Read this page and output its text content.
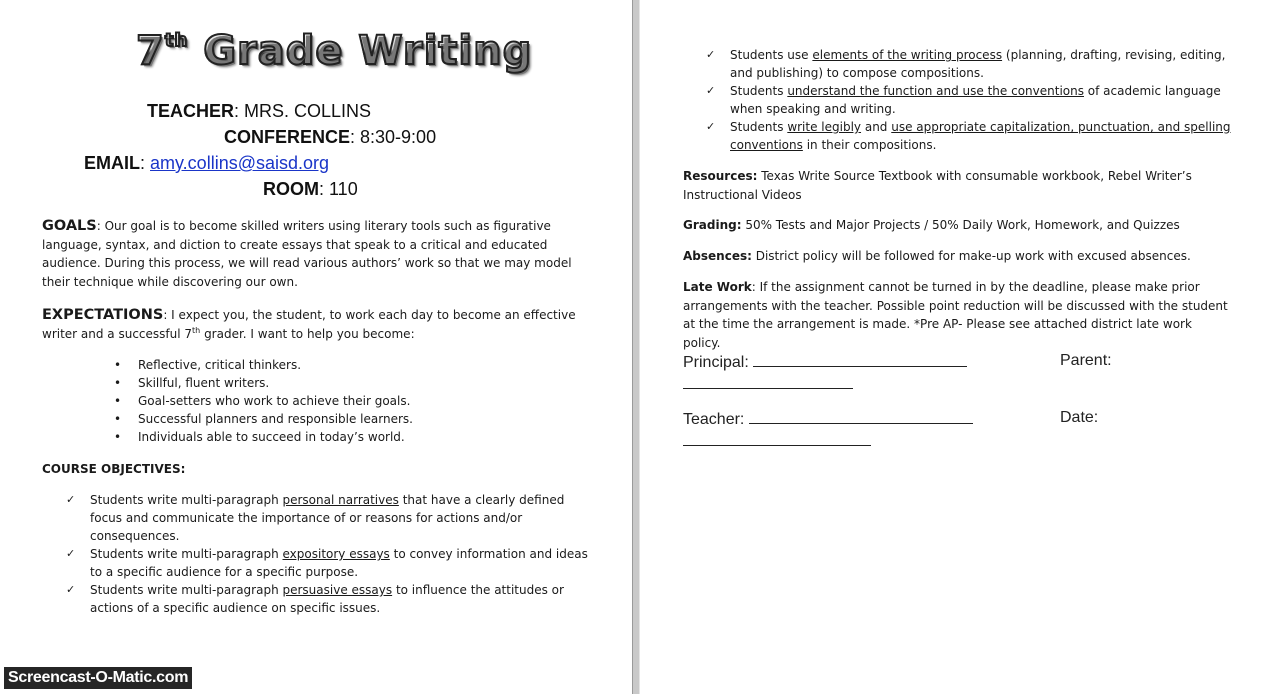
7th Grade Writing
TEACHER: MRS. COLLINS
CONFERENCE: 8:30-9:00
EMAIL: amy.collins@saisd.org
ROOM: 110
GOALS: Our goal is to become skilled writers using literary tools such as figurative language, syntax, and diction to create essays that speak to a critical and educated audience. During this process, we will read various authors’ work so that we may model their technique while discovering our own.
EXPECTATIONS: I expect you, the student, to work each day to become an effective writer and a successful 7th grader. I want to help you become:
• Reflective, critical thinkers.
• Skillful, fluent writers.
• Goal-setters who work to achieve their goals.
• Successful planners and responsible learners.
• Individuals able to succeed in today’s world.
COURSE OBJECTIVES:
✓ Students write multi-paragraph personal narratives that have a clearly defined focus and communicate the importance of or reasons for actions and/or consequences.
✓ Students write multi-paragraph expository essays to convey information and ideas to a specific audience for a specific purpose.
✓ Students write multi-paragraph persuasive essays to influence the attitudes or actions of a specific audience on specific issues.
✓ Students use elements of the writing process (planning, drafting, revising, editing, and publishing) to compose compositions.
✓ Students understand the function and use the conventions of academic language when speaking and writing.
✓ Students write legibly and use appropriate capitalization, punctuation, and spelling conventions in their compositions.
Resources: Texas Write Source Textbook with consumable workbook, Rebel Writer’s Instructional Videos
Grading: 50% Tests and Major Projects / 50% Daily Work, Homework, and Quizzes
Absences: District policy will be followed for make-up work with excused absences.
Late Work: If the assignment cannot be turned in by the deadline, please make prior arrangements with the teacher. Possible point reduction will be discussed with the student at the time the arrangement is made. *Pre AP- Please see attached district late work policy.
Principal:	Parent:
Teacher:	Date:
Screencast-O-Matic.com
